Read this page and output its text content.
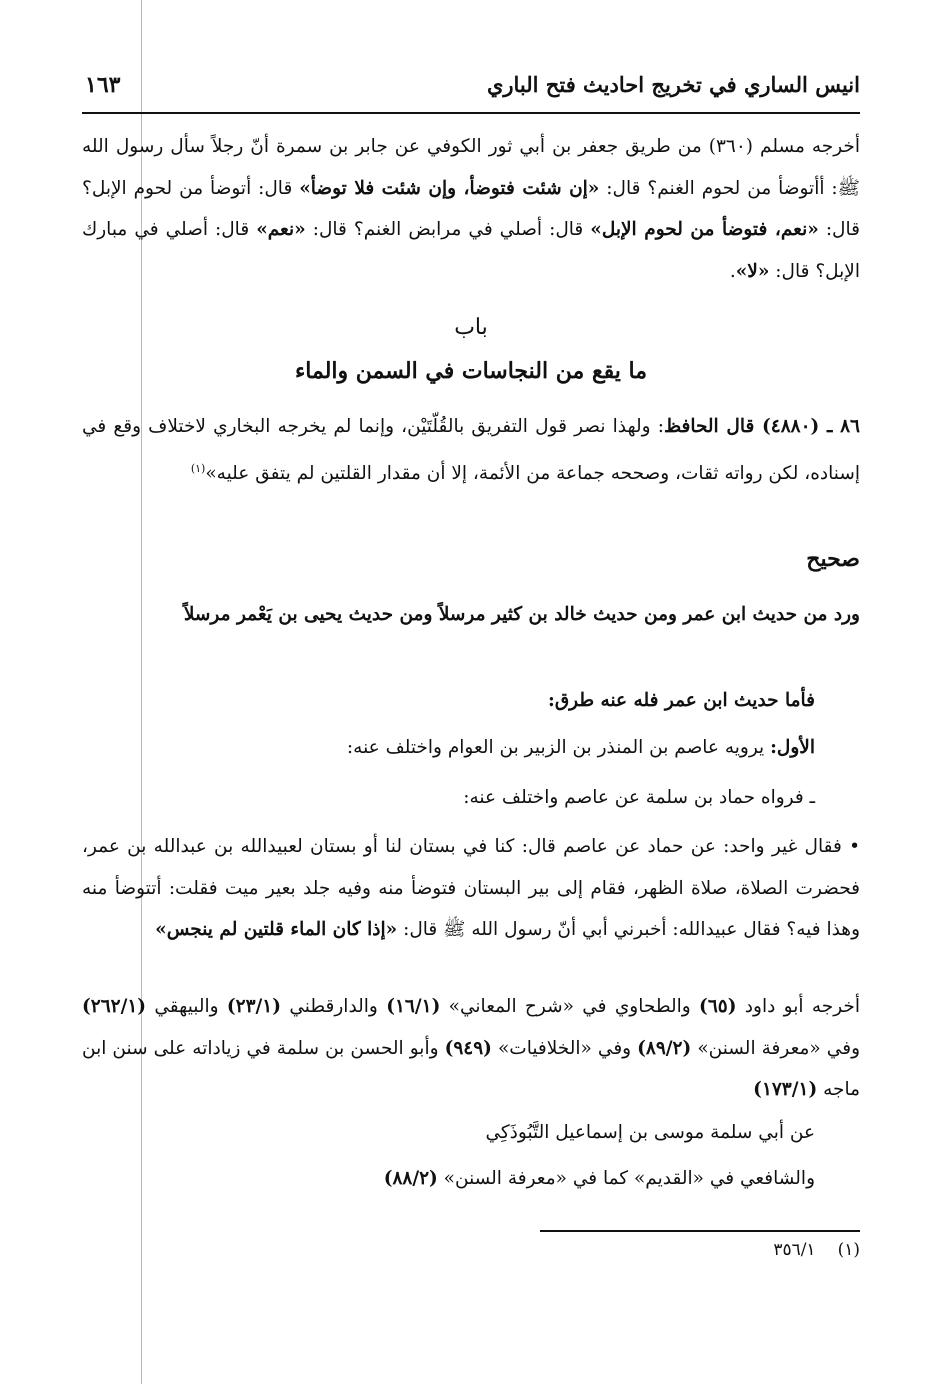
١٦٣	انيس الساري في تخريج احاديث فتح الباري
أخرجه مسلم (٣٦٠) من طريق جعفر بن أبي ثور الكوفي عن جابر بن سمرة أنّ رجلاً سأل رسول الله ﷺ: أأتوضأ من لحوم الغنم؟ قال: «إن شئت فتوضأ، وإن شئت فلا توضأ» قال: أتوضأ من لحوم الإبل؟ قال: «نعم، فتوضأ من لحوم الإبل» قال: أصلي في مرابض الغنم؟ قال: «نعم» قال: أصلي في مبارك الإبل؟ قال: «لا».
باب
ما يقع من النجاسات في السمن والماء
٨٦ ـ (٤٨٨٠) قال الحافظ: ولهذا نصر قول التفريق بالقُلّتَيْن، وإنما لم يخرجه البخاري لاختلاف وقع في إسناده، لكن رواته ثقات، وصححه جماعة من الأئمة، إلا أن مقدار القلتين لم يتفق عليه»$^{(١)}$
صحيح
ورد من حديث ابن عمر ومن حديث خالد بن كثير مرسلاً ومن حديث يحيى بن يَعْمر مرسلاً
فأما حديث ابن عمر فله عنه طرق:
الأول: يرويه عاصم بن المنذر بن الزبير بن العوام واختلف عنه:
ـ فرواه حماد بن سلمة عن عاصم واختلف عنه:
• فقال غير واحد: عن حماد عن عاصم قال: كنا في بستان لنا أو بستان لعبيدالله بن عبدالله بن عمر، فحضرت الصلاة، صلاة الظهر، فقام إلى بير البستان فتوضأ منه وفيه جلد بعير ميت فقلت: أتتوضأ منه وهذا فيه؟ فقال عبيدالله: أخبرني أبي أنّ رسول الله ﷺ قال: «إذا كان الماء قلتين لم ينجس»
أخرجه أبو داود (٦٥) والطحاوي في «شرح المعاني» (١٦/١) والدارقطني (٢٣/١) والبيهقي (٢٦٢/١) وفي «معرفة السنن» (٨٩/٢) وفي «الخلافيات» (٩٤٩) وأبو الحسن بن سلمة في زياداته على سنن ابن ماجه (١٧٣/١)
عن أبي سلمة موسى بن إسماعيل التَّبُوذَكِي
والشافعي في «القديم» كما في «معرفة السنن» (٨٨/٢)
(١)٣٥٦/١
